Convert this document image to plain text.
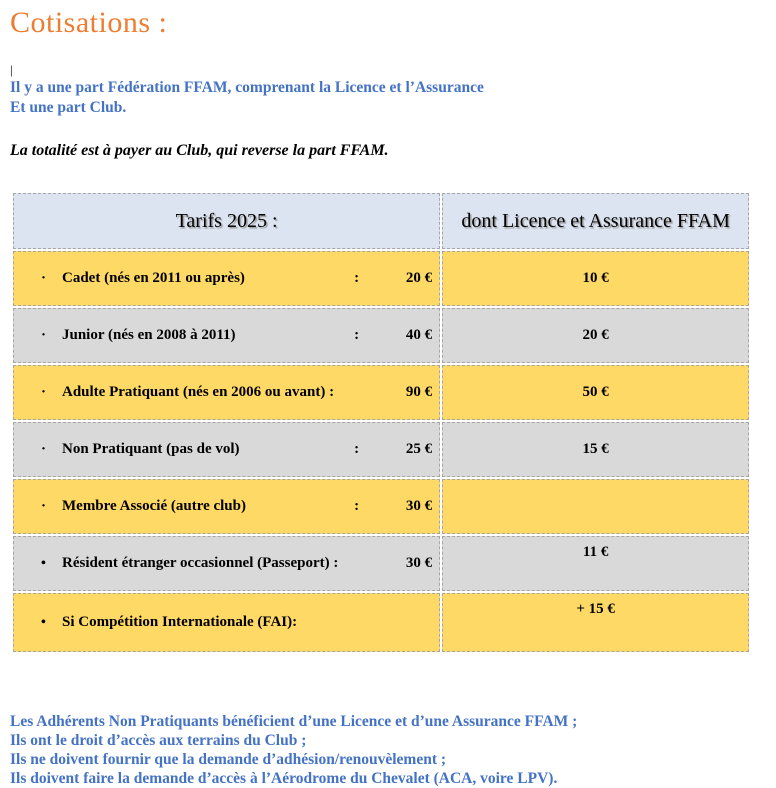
Cotisations :
|
Il y a une part Fédération FFAM, comprenant la Licence et l’Assurance
Et une part Club.
La totalité est à payer au Club, qui reverse la part FFAM.
Tarifs 2025 :	dont Licence et Assurance FFAM

· Cadet (nés en 2011 ou après) : 20 €	10 €

· Junior (nés en 2008 à 2011) : 40 €	20 €

· Adulte Pratiquant (nés en 2006 ou avant) : 90 €	50 €

· Non Pratiquant (pas de vol) : 25 €	15 €

· Membre Associé (autre club) : 30 €	

• Résident étranger occasionnel (Passeport) : 30 €	11 €

• Si Compétition Internationale (FAI) :	+ 15 €
Les Adhérents Non Pratiquants bénéficient d’une Licence et d’une Assurance FFAM ;
Ils ont le droit d’accès aux terrains du Club ;
Ils ne doivent fournir que la demande d’adhésion/renouvèlement ;
Ils doivent faire la demande d’accès à l’Aérodrome du Chevalet (ACA, voire LPV).
